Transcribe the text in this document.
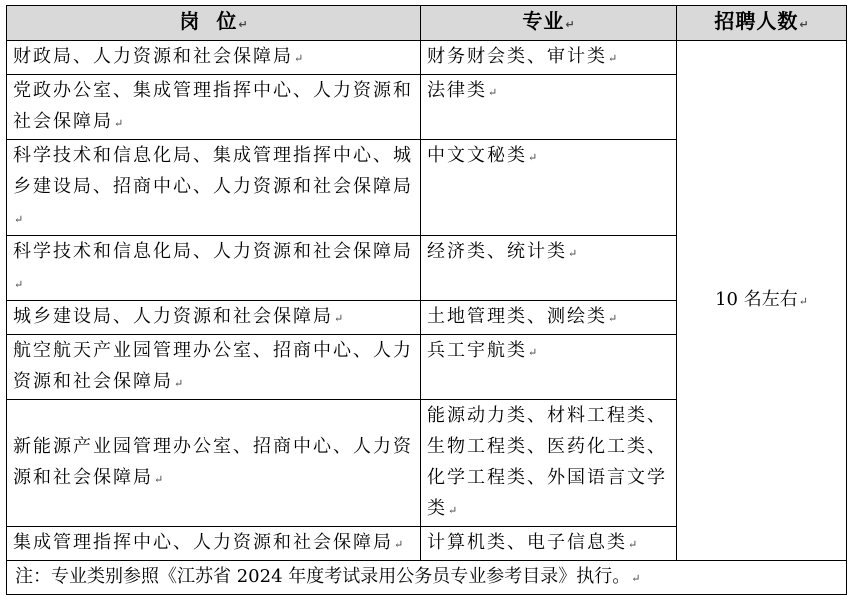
岗  位↵	专业↵	招聘人数↵
财政局、人力资源和社会保障局↵	财务财会类、审计类↵	10 名左右↵
党政办公室、集成管理指挥中心、人力资源和社会保障局↵	法律类↵	
科学技术和信息化局、集成管理指挥中心、城乡建设局、招商中心、人力资源和社会保障局↵	中文文秘类↵	
科学技术和信息化局、人力资源和社会保障局↵	经济类、统计类↵	
城乡建设局、人力资源和社会保障局↵	土地管理类、测绘类↵	
航空航天产业园管理办公室、招商中心、人力资源和社会保障局↵	兵工宇航类↵	
新能源产业园管理办公室、招商中心、人力资源和社会保障局↵	能源动力类、材料工程类、生物工程类、医药化工类、化学工程类、外国语言文学类↵	
集成管理指挥中心、人力资源和社会保障局↵	计算机类、电子信息类↵	
注：专业类别参照《江苏省 2024 年度考试录用公务员专业参考目录》执行。↵		
